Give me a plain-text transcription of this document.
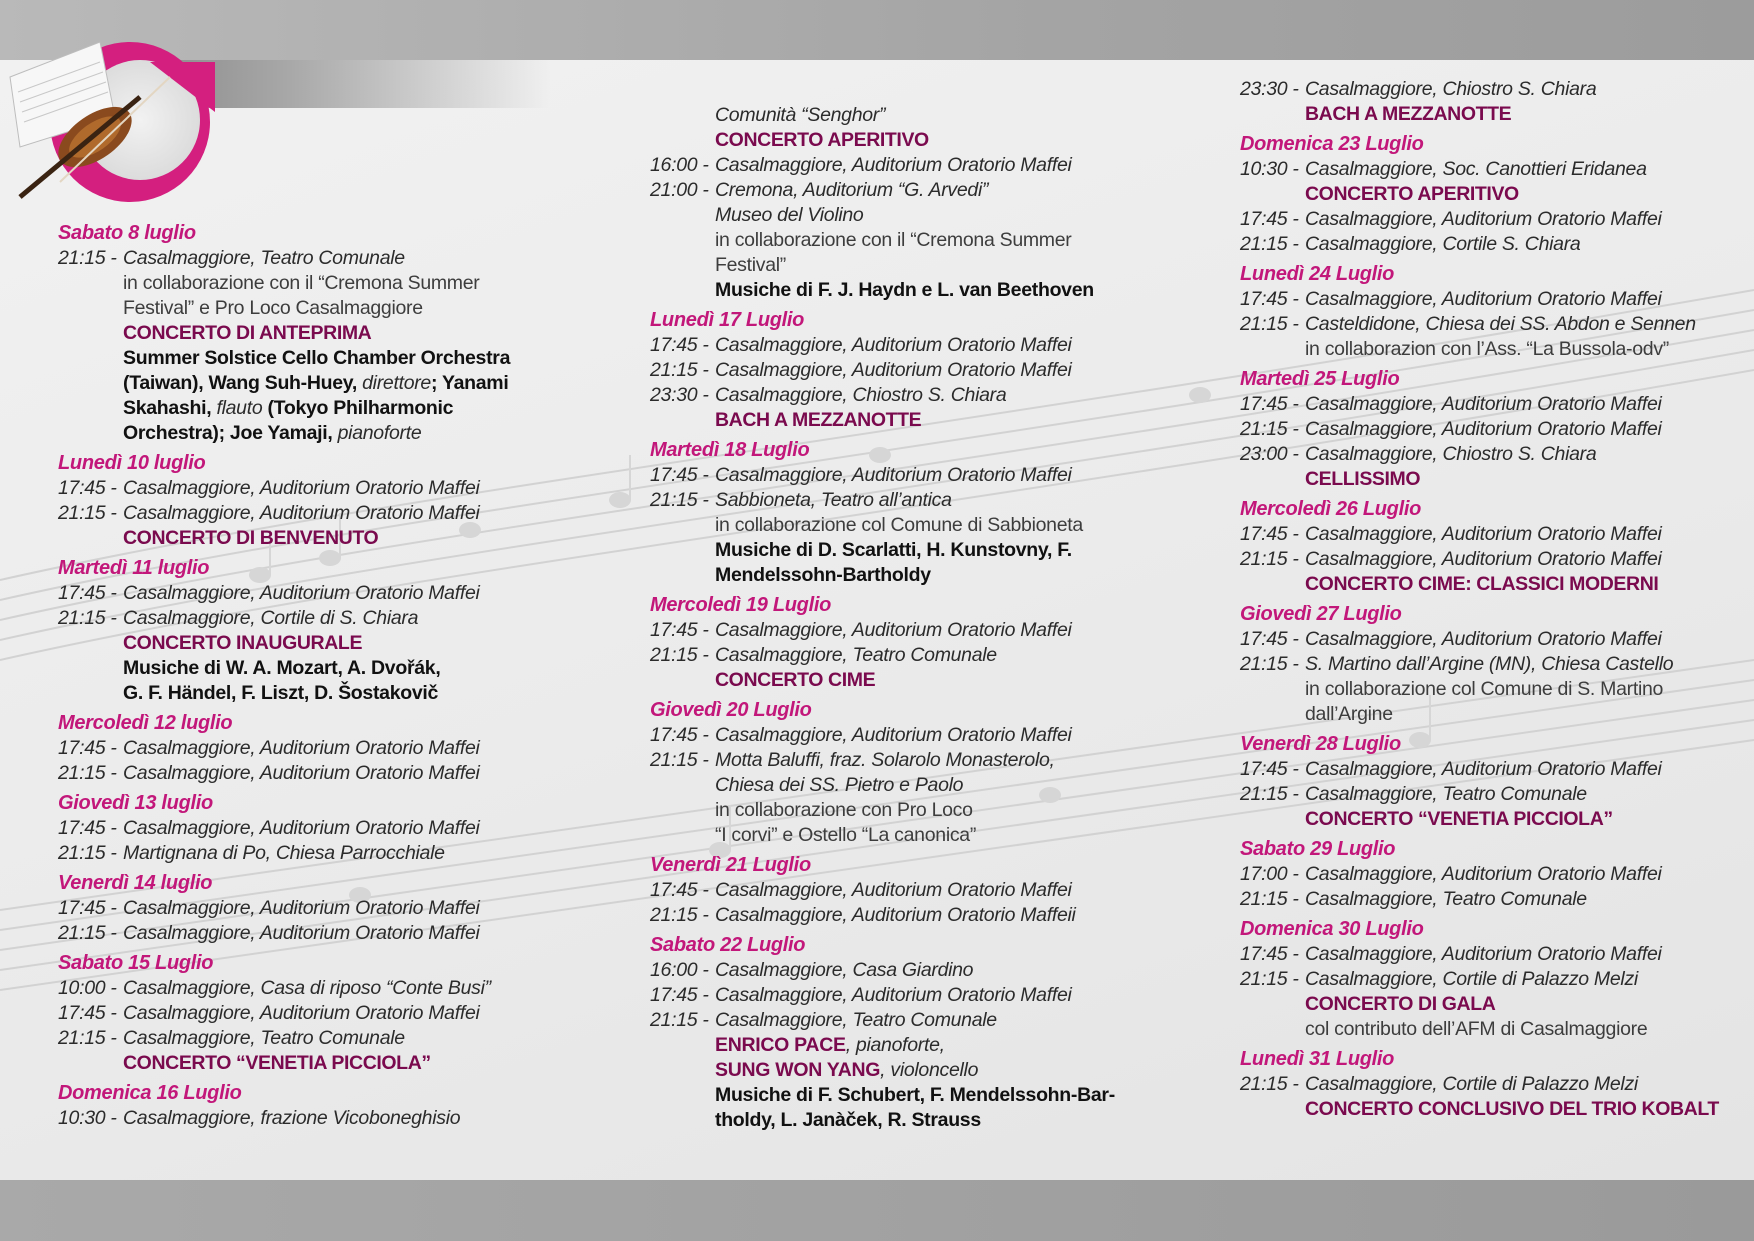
Sabato 8 luglio
21:15 - Casalmaggiore, Teatro Comunale
in collaborazione con il “Cremona Summer
Festival” e Pro Loco Casalmaggiore
CONCERTO DI ANTEPRIMA
Summer Solstice Cello Chamber Orchestra
(Taiwan), Wang Suh-Huey, direttore; Yanami
Skahashi, flauto (Tokyo Philharmonic
Orchestra); Joe Yamaji, pianoforte
Lunedì 10 luglio
17:45 - Casalmaggiore, Auditorium Oratorio Maffei
21:15 - Casalmaggiore, Auditorium Oratorio Maffei
CONCERTO DI BENVENUTO
Martedì 11 luglio
17:45 - Casalmaggiore, Auditorium Oratorio Maffei
21:15 - Casalmaggiore, Cortile di S. Chiara
CONCERTO INAUGURALE
Musiche di W. A. Mozart, A. Dvořák,
G. F. Händel, F. Liszt, D. Šostakovič
Mercoledì 12 luglio
17:45 - Casalmaggiore, Auditorium Oratorio Maffei
21:15 - Casalmaggiore, Auditorium Oratorio Maffei
Giovedì 13 luglio
17:45 - Casalmaggiore, Auditorium Oratorio Maffei
21:15 - Martignana di Po, Chiesa Parrocchiale
Venerdì 14 luglio
17:45 - Casalmaggiore, Auditorium Oratorio Maffei
21:15 - Casalmaggiore, Auditorium Oratorio Maffei
Sabato 15 Luglio
10:00 - Casalmaggiore, Casa di riposo “Conte Busi”
17:45 - Casalmaggiore, Auditorium Oratorio Maffei
21:15 - Casalmaggiore, Teatro Comunale
CONCERTO “VENETIA PICCIOLA”
Domenica 16 Luglio
10:30 - Casalmaggiore, frazione Vicoboneghisio
Comunità “Senghor”
CONCERTO APERITIVO
16:00 - Casalmaggiore, Auditorium Oratorio Maffei
21:00 - Cremona, Auditorium “G. Arvedi”
Museo del Violino
in collaborazione con il “Cremona Summer
Festival”
Musiche di F. J. Haydn e L. van Beethoven
Lunedì 17 Luglio
17:45 - Casalmaggiore, Auditorium Oratorio Maffei
21:15 - Casalmaggiore, Auditorium Oratorio Maffei
23:30 - Casalmaggiore, Chiostro S. Chiara
BACH A MEZZANOTTE
Martedì 18 Luglio
17:45 - Casalmaggiore, Auditorium Oratorio Maffei
21:15 - Sabbioneta, Teatro all’antica
in collaborazione col Comune di Sabbioneta
Musiche di D. Scarlatti, H. Kunstovny, F.
Mendelssohn-Bartholdy
Mercoledì 19 Luglio
17:45 - Casalmaggiore, Auditorium Oratorio Maffei
21:15 - Casalmaggiore, Teatro Comunale
CONCERTO CIME
Giovedì 20 Luglio
17:45 - Casalmaggiore, Auditorium Oratorio Maffei
21:15 - Motta Baluffi, fraz. Solarolo Monasterolo,
Chiesa dei SS. Pietro e Paolo
in collaborazione con Pro Loco
“I corvi” e Ostello “La canonica”
Venerdì 21 Luglio
17:45 - Casalmaggiore, Auditorium Oratorio Maffei
21:15 - Casalmaggiore, Auditorium Oratorio Maffeii
Sabato 22 Luglio
16:00 - Casalmaggiore, Casa Giardino
17:45 - Casalmaggiore, Auditorium Oratorio Maffei
21:15 - Casalmaggiore, Teatro Comunale
ENRICO PACE, pianoforte,
SUNG WON YANG, violoncello
Musiche di F. Schubert, F. Mendelssohn-Bar-
tholdy, L. Janàček, R. Strauss
23:30 - Casalmaggiore, Chiostro S. Chiara
BACH A MEZZANOTTE
Domenica 23 Luglio
10:30 - Casalmaggiore, Soc. Canottieri Eridanea
CONCERTO APERITIVO
17:45 - Casalmaggiore, Auditorium Oratorio Maffei
21:15 - Casalmaggiore, Cortile S. Chiara
Lunedì 24 Luglio
17:45 - Casalmaggiore, Auditorium Oratorio Maffei
21:15 - Casteldidone, Chiesa dei SS. Abdon e Sennen
in collaborazion con l’Ass. “La Bussola-odv”
Martedì 25 Luglio
17:45 - Casalmaggiore, Auditorium Oratorio Maffei
21:15 - Casalmaggiore, Auditorium Oratorio Maffei
23:00 - Casalmaggiore, Chiostro S. Chiara
CELLISSIMO
Mercoledì 26 Luglio
17:45 - Casalmaggiore, Auditorium Oratorio Maffei
21:15 - Casalmaggiore, Auditorium Oratorio Maffei
CONCERTO CIME: CLASSICI MODERNI
Giovedì 27 Luglio
17:45 - Casalmaggiore, Auditorium Oratorio Maffei
21:15 - S. Martino dall’Argine (MN), Chiesa Castello
in collaborazione col Comune di S. Martino
dall’Argine
Venerdì 28 Luglio
17:45 - Casalmaggiore, Auditorium Oratorio Maffei
21:15 - Casalmaggiore, Teatro Comunale
CONCERTO “VENETIA PICCIOLA”
Sabato 29 Luglio
17:00 - Casalmaggiore, Auditorium Oratorio Maffei
21:15 - Casalmaggiore, Teatro Comunale
Domenica 30 Luglio
17:45 - Casalmaggiore, Auditorium Oratorio Maffei
21:15 - Casalmaggiore, Cortile di Palazzo Melzi
CONCERTO DI GALA
col contributo dell’AFM di Casalmaggiore
Lunedì 31 Luglio
21:15 - Casalmaggiore, Cortile di Palazzo Melzi
CONCERTO CONCLUSIVO DEL TRIO KOBALT
